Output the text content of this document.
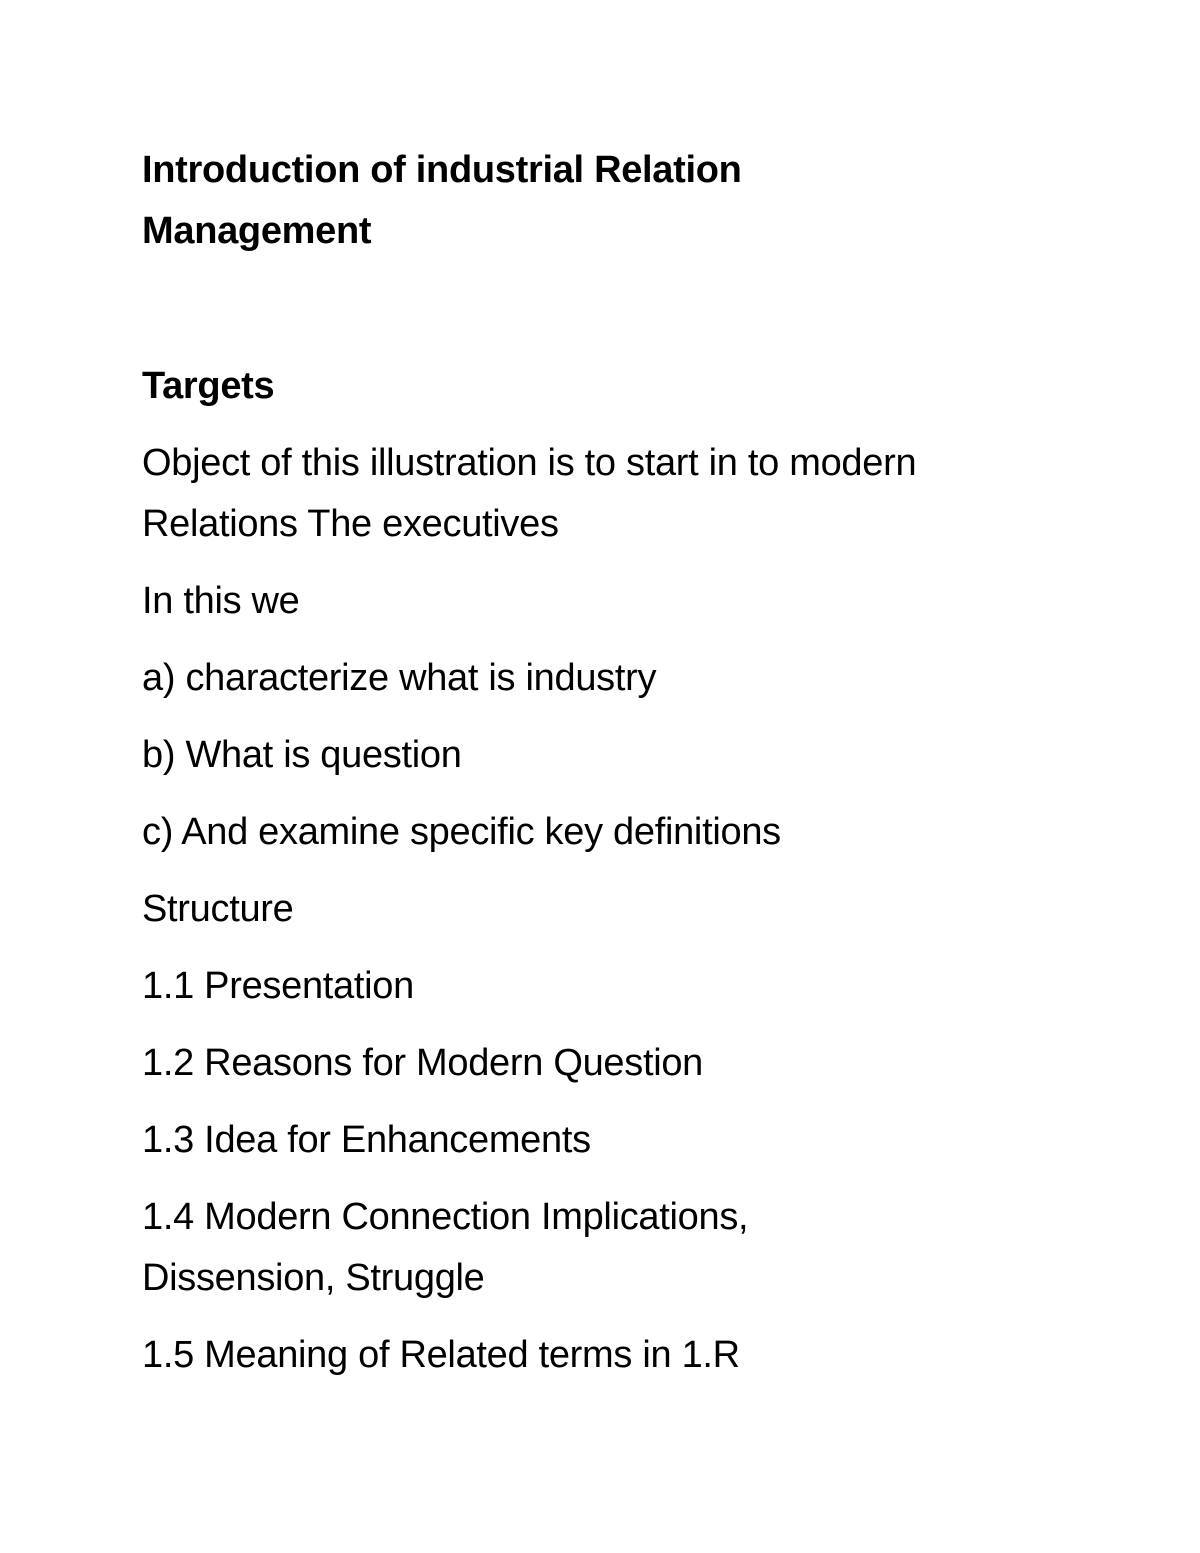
Introduction of industrial Relation Management

Targets

Object of this illustration is to start in to modern Relations The executives

In this we

a) characterize what is industry

b) What is question

c) And examine specific key definitions

Structure

1.1 Presentation

1.2 Reasons for Modern Question

1.3 Idea for Enhancements

1.4 Modern Connection Implications, Dissension, Struggle

1.5 Meaning of Related terms in 1.R
